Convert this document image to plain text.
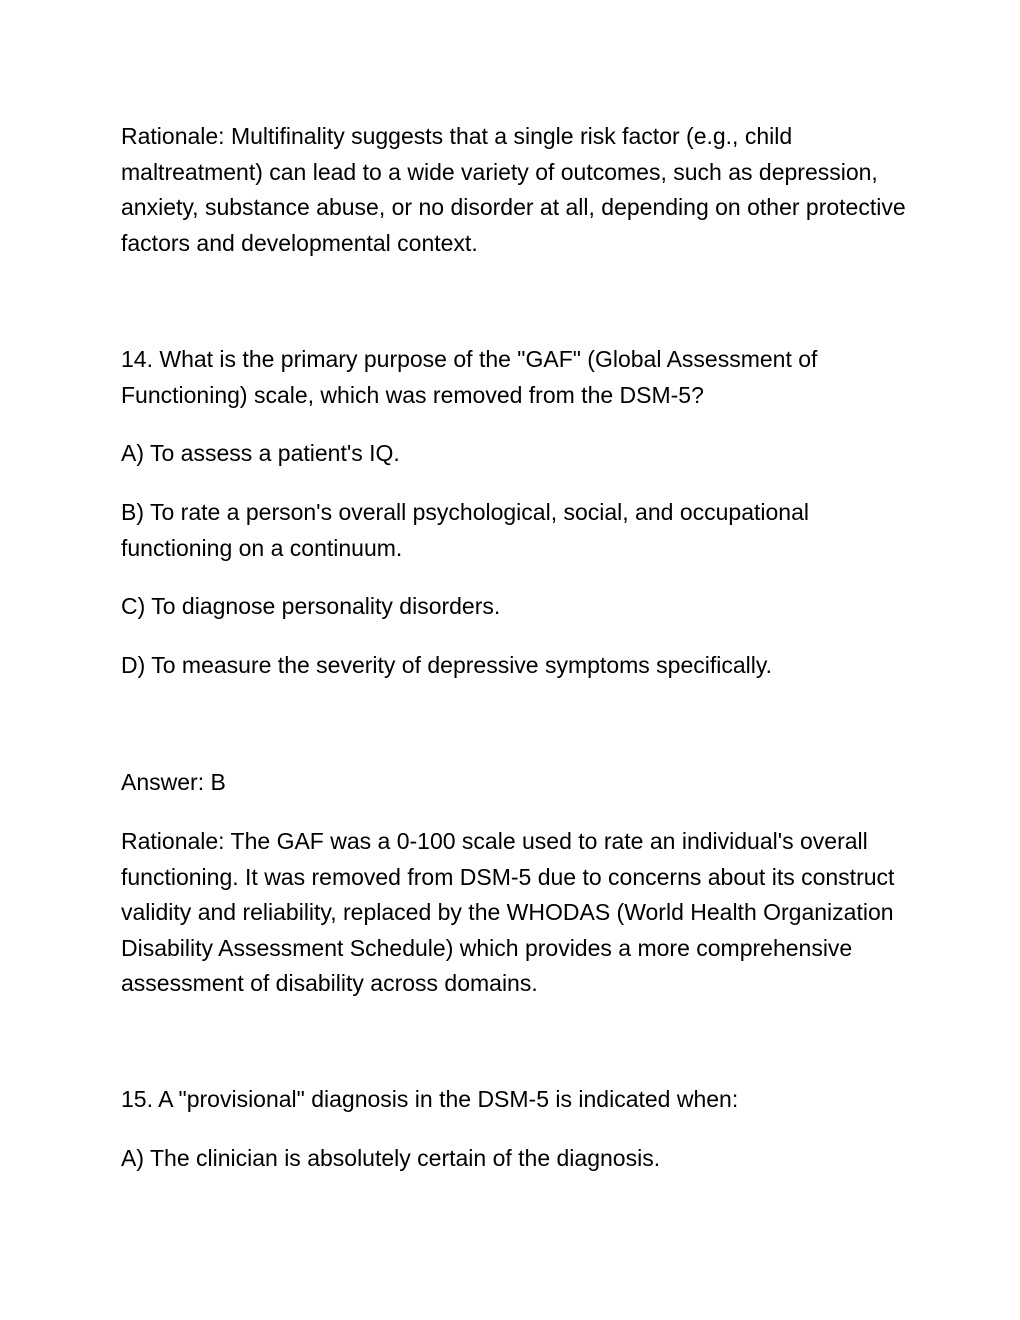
Rationale: Multifinality suggests that a single risk factor (e.g., child maltreatment) can lead to a wide variety of outcomes, such as depression, anxiety, substance abuse, or no disorder at all, depending on other protective factors and developmental context.

14. What is the primary purpose of the "GAF" (Global Assessment of Functioning) scale, which was removed from the DSM-5?

A) To assess a patient's IQ.

B) To rate a person's overall psychological, social, and occupational functioning on a continuum.

C) To diagnose personality disorders.

D) To measure the severity of depressive symptoms specifically.

Answer: B

Rationale: The GAF was a 0-100 scale used to rate an individual's overall functioning. It was removed from DSM-5 due to concerns about its construct validity and reliability, replaced by the WHODAS (World Health Organization Disability Assessment Schedule) which provides a more comprehensive assessment of disability across domains.

15. A "provisional" diagnosis in the DSM-5 is indicated when:

A) The clinician is absolutely certain of the diagnosis.
